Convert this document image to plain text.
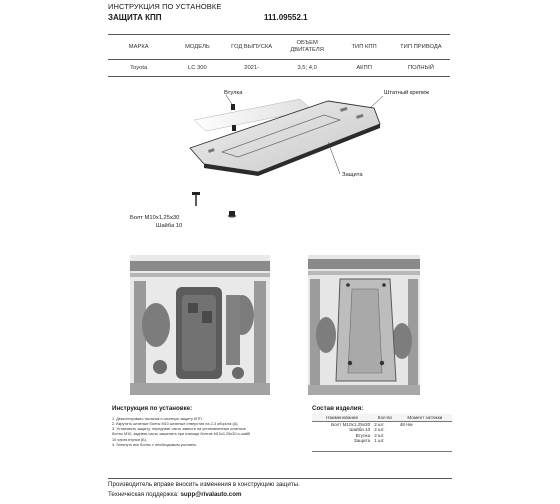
ИНСТРУКЦИЯ ПО УСТАНОВКЕ
ЗАЩИТА КПП	111.09552.1
МАРКА	МОДЕЛЬ	ГОД ВЫПУСКА	ОБЪЕМ ДВИГАТЕЛЯ	ТИП КПП	ТИП ПРИВОДА
Toyota	LC 300	2021-	3,5; 4,0	АКПП	ПОЛНЫЙ
Втулка	Штатный крепеж
Защита
Болт M10x1,25x30
Шайба 10
Инструкция по установке:
1. Демонтировать пыльник и штатную защиту КПП.
2. Вкрутить штатные болты М10 штатные отверстия на 2-3 оборота (А).
3. Установить защиту: переднюю часть завести на установленные штатные
болты М10, заднюю часть закрепить при помощи болтов M10x1,25x30 и шайб
10 через втулки (Б).
4. Затянуть все болты с необходимым усилием.
Состав изделия:
Наименование	Кол-во	Момент затяжки
Болт M10x1,25x30	2 шт.	48 Нм
Шайба 10	2 шт.	
Втулка	2 шт.	
Защита	1 шт.	

Производитель вправе вносить изменения в конструкцию защиты.
Техническая поддержка: supp@rivalauto.com
